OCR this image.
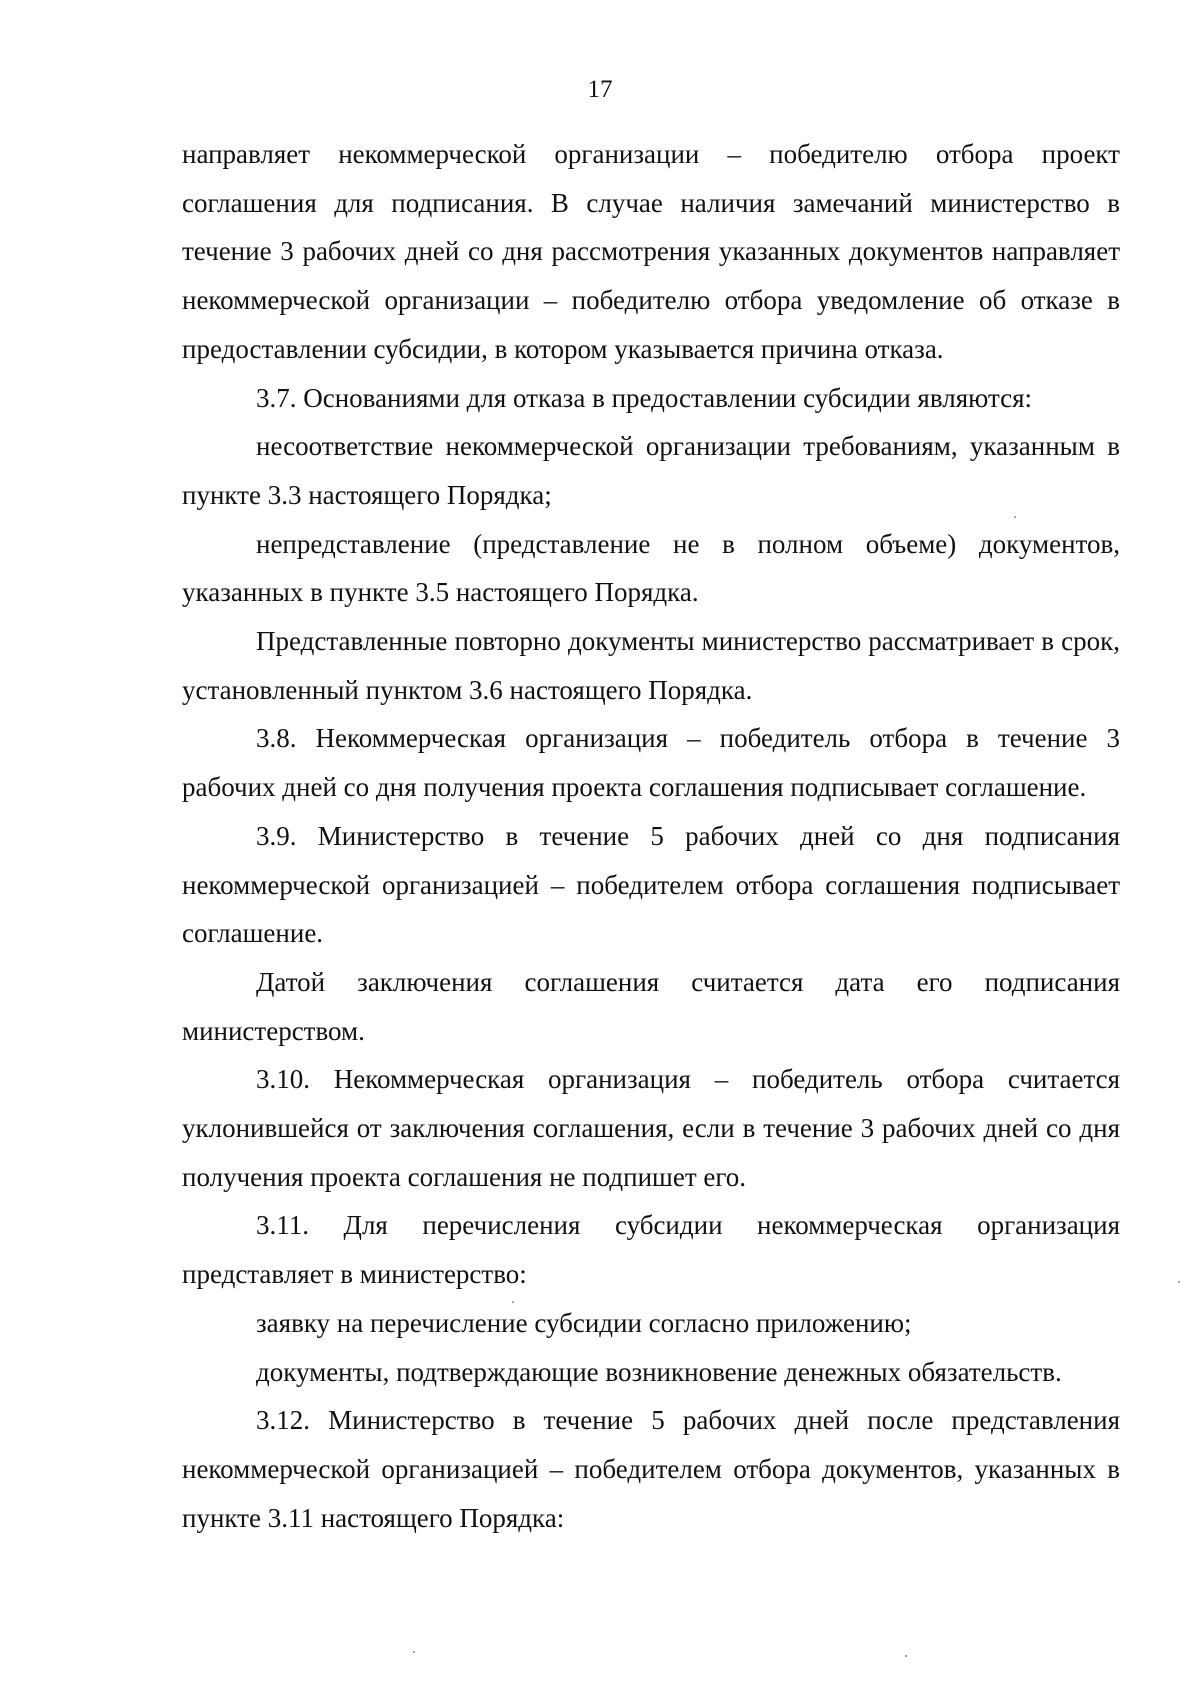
17

направляет некоммерческой организации – победителю отбора проект соглашения для подписания. В случае наличия замечаний министерство в течение 3 рабочих дней со дня рассмотрения указанных документов направляет некоммерческой организации – победителю отбора уведомление об отказе в предоставлении субсидии, в котором указывается причина отказа.

3.7. Основаниями для отказа в предоставлении субсидии являются:

несоответствие некоммерческой организации требованиям, указанным в пункте 3.3 настоящего Порядка;

непредставление (представление не в полном объеме) документов, указанных в пункте 3.5 настоящего Порядка.

Представленные повторно документы министерство рассматривает в срок, установленный пунктом 3.6 настоящего Порядка.

3.8. Некоммерческая организация – победитель отбора в течение 3 рабочих дней со дня получения проекта соглашения подписывает соглашение.

3.9. Министерство в течение 5 рабочих дней со дня подписания некоммерческой организацией – победителем отбора соглашения подписывает соглашение.

Датой заключения соглашения считается дата его подписания министерством.

3.10. Некоммерческая организация – победитель отбора считается уклонившейся от заключения соглашения, если в течение 3 рабочих дней со дня получения проекта соглашения не подпишет его.

3.11. Для перечисления субсидии некоммерческая организация представляет в министерство:

заявку на перечисление субсидии согласно приложению;

документы, подтверждающие возникновение денежных обязательств.

3.12. Министерство в течение 5 рабочих дней после представления некоммерческой организацией – победителем отбора документов, указанных в пункте 3.11 настоящего Порядка:
